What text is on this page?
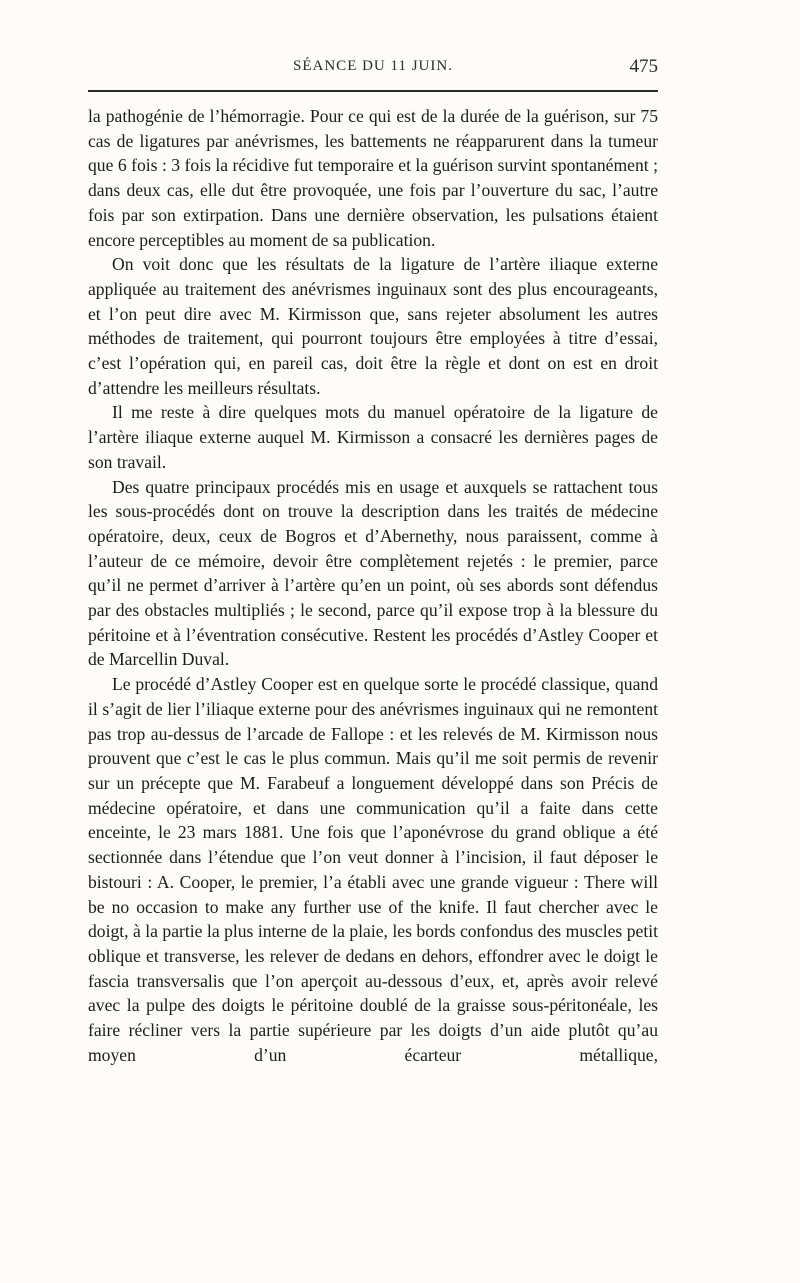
SÉANCE DU 11 JUIN.	475

la pathogénie de l’hémorragie. Pour ce qui est de la durée de la guérison, sur 75 cas de ligatures par anévrismes, les battements ne réapparurent dans la tumeur que 6 fois : 3 fois la récidive fut temporaire et la guérison survint spontanément ; dans deux cas, elle dut être provoquée, une fois par l’ouverture du sac, l’autre fois par son extirpation. Dans une dernière observation, les pulsations étaient encore perceptibles au moment de sa publication.

On voit donc que les résultats de la ligature de l’artère iliaque externe appliquée au traitement des anévrismes inguinaux sont des plus encourageants, et l’on peut dire avec M. Kirmisson que, sans rejeter absolument les autres méthodes de traitement, qui pourront toujours être employées à titre d’essai, c’est l’opération qui, en pareil cas, doit être la règle et dont on est en droit d’attendre les meilleurs résultats.

Il me reste à dire quelques mots du manuel opératoire de la ligature de l’artère iliaque externe auquel M. Kirmisson a consacré les dernières pages de son travail.

Des quatre principaux procédés mis en usage et auxquels se rattachent tous les sous-procédés dont on trouve la description dans les traités de médecine opératoire, deux, ceux de Bogros et d’Abernethy, nous paraissent, comme à l’auteur de ce mémoire, devoir être complètement rejetés : le premier, parce qu’il ne permet d’arriver à l’artère qu’en un point, où ses abords sont défendus par des obstacles multipliés ; le second, parce qu’il expose trop à la blessure du péritoine et à l’éventration consécutive. Restent les procédés d’Astley Cooper et de Marcellin Duval.

Le procédé d’Astley Cooper est en quelque sorte le procédé classique, quand il s’agit de lier l’iliaque externe pour des anévrismes inguinaux qui ne remontent pas trop au-dessus de l’arcade de Fallope : et les relevés de M. Kirmisson nous prouvent que c’est le cas le plus commun. Mais qu’il me soit permis de revenir sur un précepte que M. Farabeuf a longuement développé dans son Précis de médecine opératoire, et dans une communication qu’il a faite dans cette enceinte, le 23 mars 1881. Une fois que l’aponévrose du grand oblique a été sectionnée dans l’étendue que l’on veut donner à l’incision, il faut déposer le bistouri : A. Cooper, le premier, l’a établi avec une grande vigueur : There will be no occasion to make any further use of the knife. Il faut chercher avec le doigt, à la partie la plus interne de la plaie, les bords confondus des muscles petit oblique et transverse, les relever de dedans en dehors, effondrer avec le doigt le fascia transversalis que l’on aperçoit au-dessous d’eux, et, après avoir relevé avec la pulpe des doigts le péritoine doublé de la graisse sous-péritonéale, les faire récliner vers la partie supérieure par les doigts d’un aide plutôt qu’au moyen d’un écarteur métallique,
